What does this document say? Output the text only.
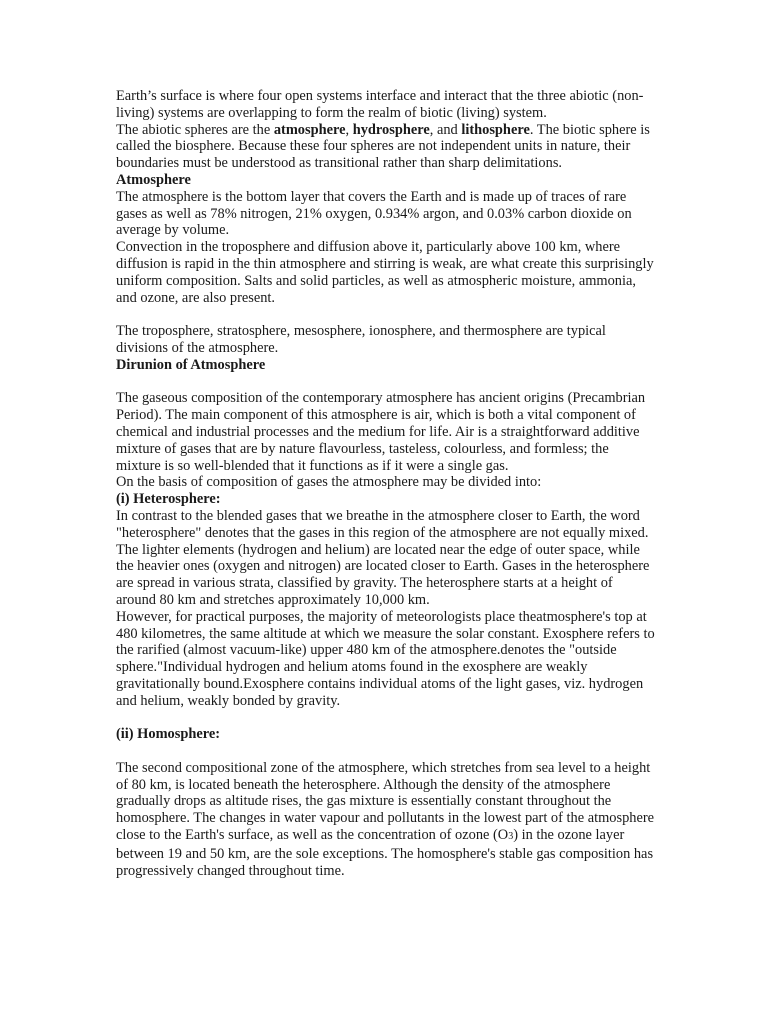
Earth’s surface is where four open systems interface and interact that the three abiotic (non-living) systems are overlapping to form the realm of biotic (living) system.

The abiotic spheres are the atmosphere, hydrosphere, and lithosphere. The biotic sphere is called the biosphere. Because these four spheres are not independent units in nature, their boundaries must be understood as transitional rather than sharp delimitations.

Atmosphere

The atmosphere is the bottom layer that covers the Earth and is made up of traces of rare gases as well as 78% nitrogen, 21% oxygen, 0.934% argon, and 0.03% carbon dioxide on average by volume.

Convection in the troposphere and diffusion above it, particularly above 100 km, where diffusion is rapid in the thin atmosphere and stirring is weak, are what create this surprisingly uniform composition. Salts and solid particles, as well as atmospheric moisture, ammonia, and ozone, are also present.

The troposphere, stratosphere, mesosphere, ionosphere, and thermosphere are typical divisions of the atmosphere.

Dirunion of Atmosphere

The gaseous composition of the contemporary atmosphere has ancient origins (Precambrian Period). The main component of this atmosphere is air, which is both a vital component of chemical and industrial processes and the medium for life. Air is a straightforward additive mixture of gases that are by nature flavourless, tasteless, colourless, and formless; the mixture is so well-blended that it functions as if it were a single gas.

On the basis of composition of gases the atmosphere may be divided into:

(i) Heterosphere:

In contrast to the blended gases that we breathe in the atmosphere closer to Earth, the word "heterosphere" denotes that the gases in this region of the atmosphere are not equally mixed. The lighter elements (hydrogen and helium) are located near the edge of outer space, while the heavier ones (oxygen and nitrogen) are located closer to Earth. Gases in the heterosphere are spread in various strata, classified by gravity. The heterosphere starts at a height of around 80 km and stretches approximately 10,000 km.

However, for practical purposes, the majority of meteorologists place theatmosphere's top at 480 kilometres, the same altitude at which we measure the solar constant. Exosphere refers to the rarified (almost vacuum-like) upper 480 km of the atmosphere.denotes the "outside sphere."Individual hydrogen and helium atoms found in the exosphere are weakly gravitationally bound.Exosphere contains individual atoms of the light gases, viz. hydrogen and helium, weakly bonded by gravity.

(ii) Homosphere:

The second compositional zone of the atmosphere, which stretches from sea level to a height of 80 km, is located beneath the heterosphere. Although the density of the atmosphere gradually drops as altitude rises, the gas mixture is essentially constant throughout the homosphere. The changes in water vapour and pollutants in the lowest part of the atmosphere close to the Earth's surface, as well as the concentration of ozone (O3) in the ozone layer between 19 and 50 km, are the sole exceptions. The homosphere's stable gas composition has progressively changed throughout time.
